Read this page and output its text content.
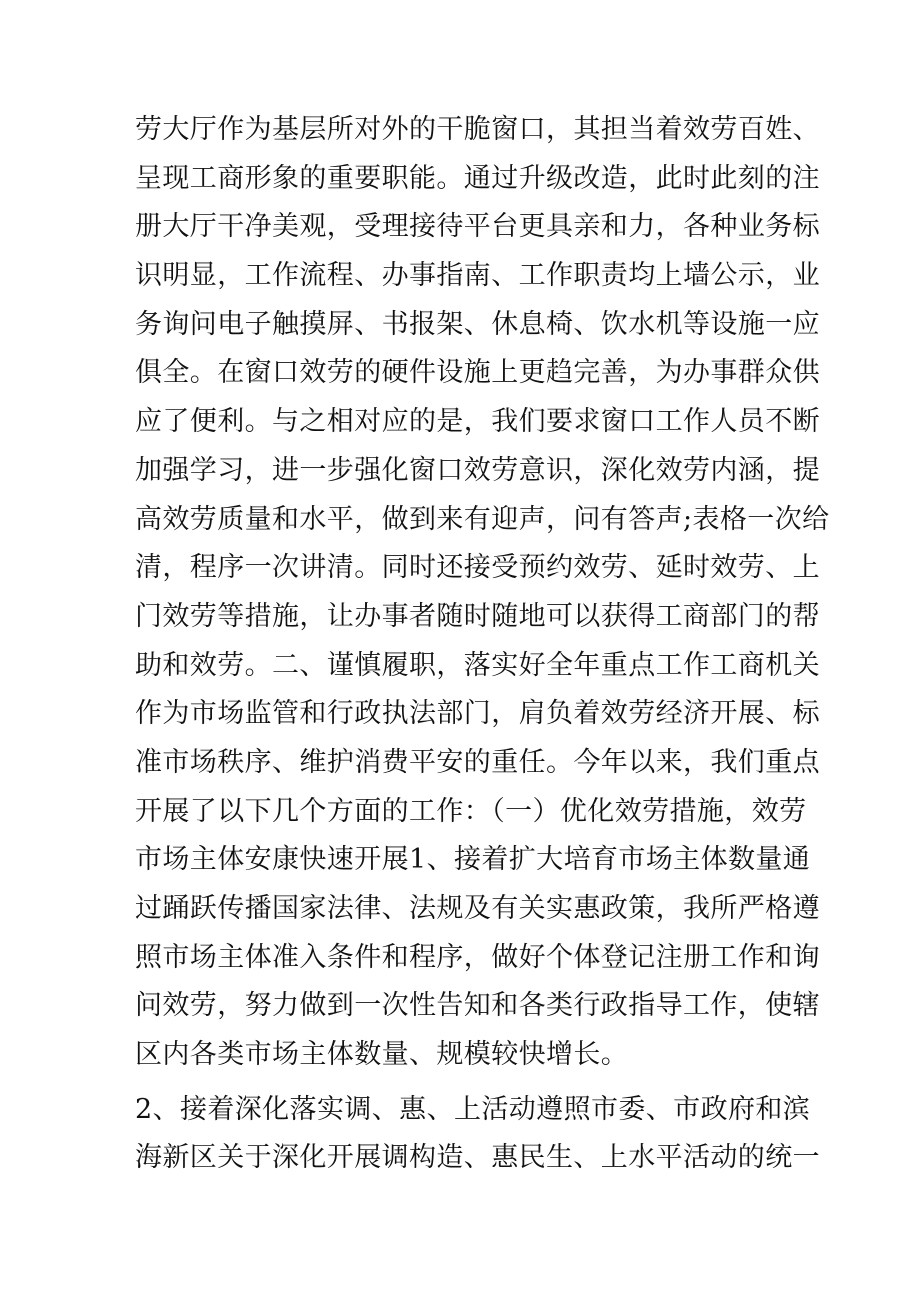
劳大厅作为基层所对外的干脆窗口，其担当着效劳百姓、
呈现工商形象的重要职能。通过升级改造，此时此刻的注
册大厅干净美观，受理接待平台更具亲和力，各种业务标
识明显，工作流程、办事指南、工作职责均上墙公示，业
务询问电子触摸屏、书报架、休息椅、饮水机等设施一应
俱全。在窗口效劳的硬件设施上更趋完善，为办事群众供
应了便利。与之相对应的是，我们要求窗口工作人员不断
加强学习，进一步强化窗口效劳意识，深化效劳内涵，提
高效劳质量和水平，做到来有迎声，问有答声;表格一次给
清，程序一次讲清。同时还接受预约效劳、延时效劳、上
门效劳等措施，让办事者随时随地可以获得工商部门的帮
助和效劳。二、谨慎履职，落实好全年重点工作工商机关
作为市场监管和行政执法部门，肩负着效劳经济开展、标
准市场秩序、维护消费平安的重任。今年以来，我们重点
开展了以下几个方面的工作：（一）优化效劳措施，效劳
市场主体安康快速开展1、接着扩大培育市场主体数量通
过踊跃传播国家法律、法规及有关实惠政策，我所严格遵
照市场主体准入条件和程序，做好个体登记注册工作和询
问效劳，努力做到一次性告知和各类行政指导工作，使辖
区内各类市场主体数量、规模较快增长。
2、接着深化落实调、惠、上活动遵照市委、市政府和滨
海新区关于深化开展调构造、惠民生、上水平活动的统一
